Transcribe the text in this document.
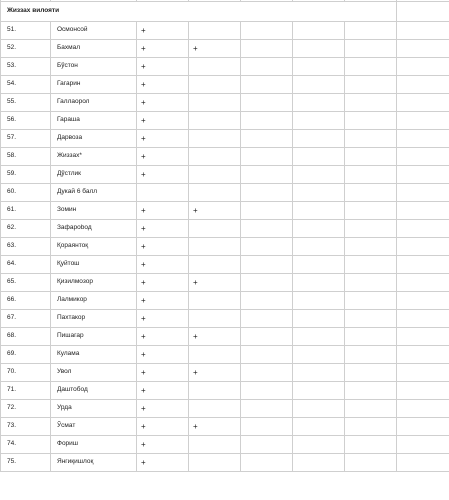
Жиззах вилояти							
51.	Осмонсой	+					
52.	Бахмал	+	+				
53.	Бўстон	+					
54.	Гагарин	+					
55.	Галлаорол	+					
56.	Гараша	+					
57.	Дарвоза	+					
58.	Жиззах*	+					
59.	Дўстлик	+					
60.	Дукай 6 балл						
61.	Зомин	+	+				
62.	Зафарobод	+					
63.	Қораянтоқ	+					
64.	Қуйтош	+					
65.	Қизилмозор	+	+				
66.	Лалмикор	+					
67.	Пахтакор	+					
68.	Пишагар	+	+				
69.	Кулама	+					
70.	Увол	+	+				
71.	Даштобод	+					
72.	Урда	+					
73.	Ўсмат	+	+				
74.	Фориш	+					
75.	Янгиқишлоқ	+					
